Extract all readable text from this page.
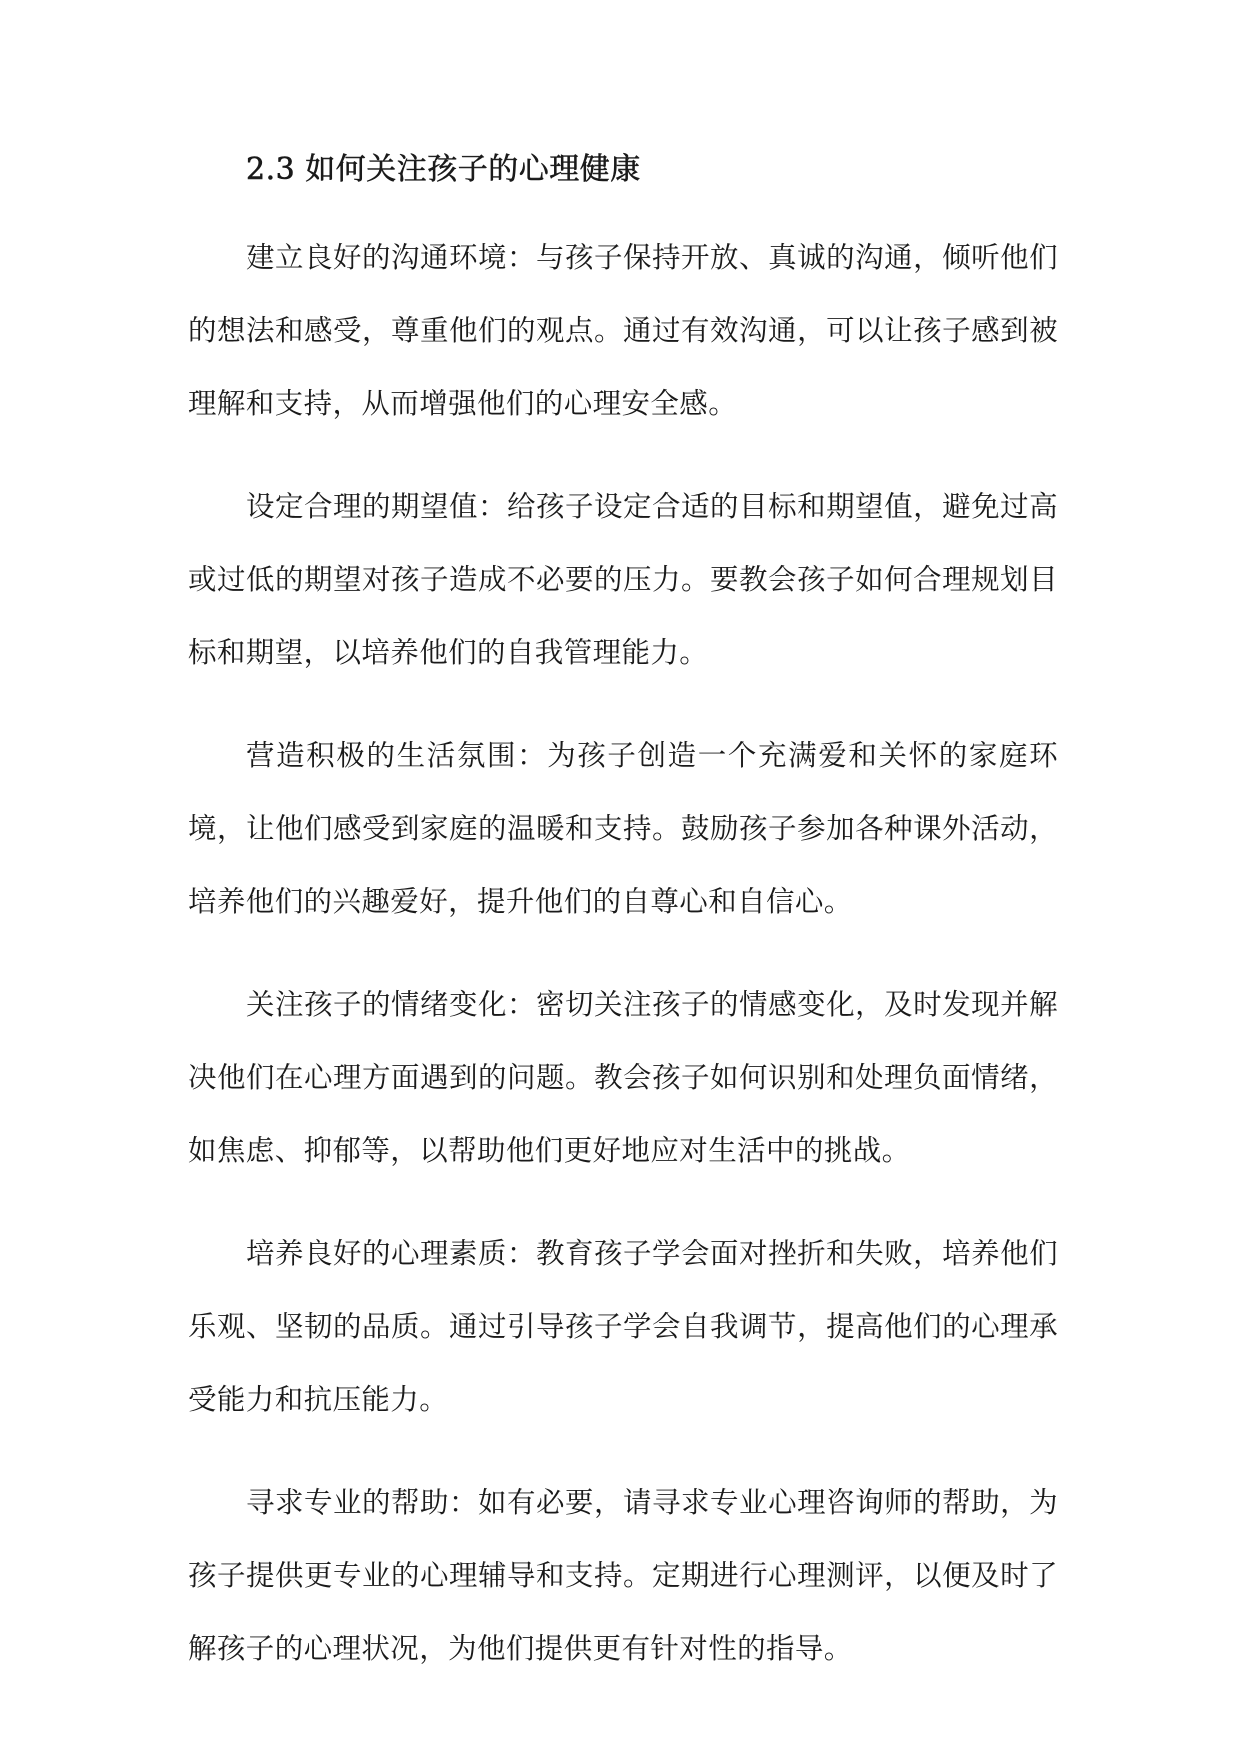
2.3 如何关注孩子的心理健康

建立良好的沟通环境：与孩子保持开放、真诚的沟通，倾听他们的想法和感受，尊重他们的观点。通过有效沟通，可以让孩子感到被理解和支持，从而增强他们的心理安全感。

设定合理的期望值：给孩子设定合适的目标和期望值，避免过高或过低的期望对孩子造成不必要的压力。要教会孩子如何合理规划目标和期望，以培养他们的自我管理能力。

营造积极的生活氛围：为孩子创造一个充满爱和关怀的家庭环境，让他们感受到家庭的温暖和支持。鼓励孩子参加各种课外活动，培养他们的兴趣爱好，提升他们的自尊心和自信心。

关注孩子的情绪变化：密切关注孩子的情感变化，及时发现并解决他们在心理方面遇到的问题。教会孩子如何识别和处理负面情绪，如焦虑、抑郁等，以帮助他们更好地应对生活中的挑战。

培养良好的心理素质：教育孩子学会面对挫折和失败，培养他们乐观、坚韧的品质。通过引导孩子学会自我调节，提高他们的心理承受能力和抗压能力。

寻求专业的帮助：如有必要，请寻求专业心理咨询师的帮助，为孩子提供更专业的心理辅导和支持。定期进行心理测评，以便及时了解孩子的心理状况，为他们提供更有针对性的指导。
